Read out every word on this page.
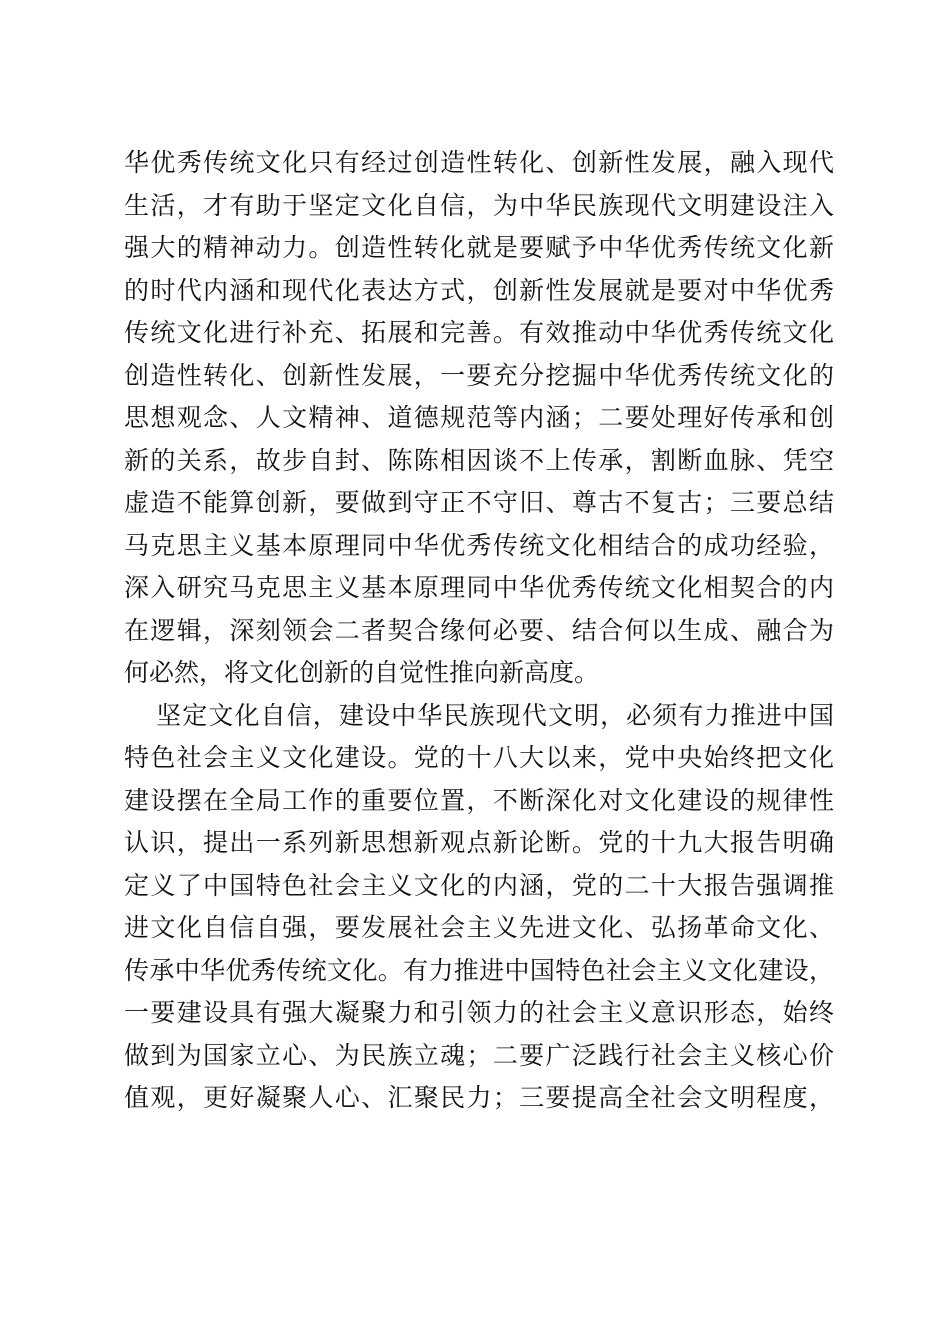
华优秀传统文化只有经过创造性转化、创新性发展，融入现代
生活，才有助于坚定文化自信，为中华民族现代文明建设注入
强大的精神动力。创造性转化就是要赋予中华优秀传统文化新
的时代内涵和现代化表达方式，创新性发展就是要对中华优秀
传统文化进行补充、拓展和完善。有效推动中华优秀传统文化
创造性转化、创新性发展，一要充分挖掘中华优秀传统文化的
思想观念、人文精神、道德规范等内涵；二要处理好传承和创
新的关系，故步自封、陈陈相因谈不上传承，割断血脉、凭空
虚造不能算创新，要做到守正不守旧、尊古不复古；三要总结
马克思主义基本原理同中华优秀传统文化相结合的成功经验，
深入研究马克思主义基本原理同中华优秀传统文化相契合的内
在逻辑，深刻领会二者契合缘何必要、结合何以生成、融合为
何必然，将文化创新的自觉性推向新高度。
　坚定文化自信，建设中华民族现代文明，必须有力推进中国
特色社会主义文化建设。党的十八大以来，党中央始终把文化
建设摆在全局工作的重要位置，不断深化对文化建设的规律性
认识，提出一系列新思想新观点新论断。党的十九大报告明确
定义了中国特色社会主义文化的内涵，党的二十大报告强调推
进文化自信自强，要发展社会主义先进文化、弘扬革命文化、
传承中华优秀传统文化。有力推进中国特色社会主义文化建设，
一要建设具有强大凝聚力和引领力的社会主义意识形态，始终
做到为国家立心、为民族立魂；二要广泛践行社会主义核心价
值观，更好凝聚人心、汇聚民力；三要提高全社会文明程度，
